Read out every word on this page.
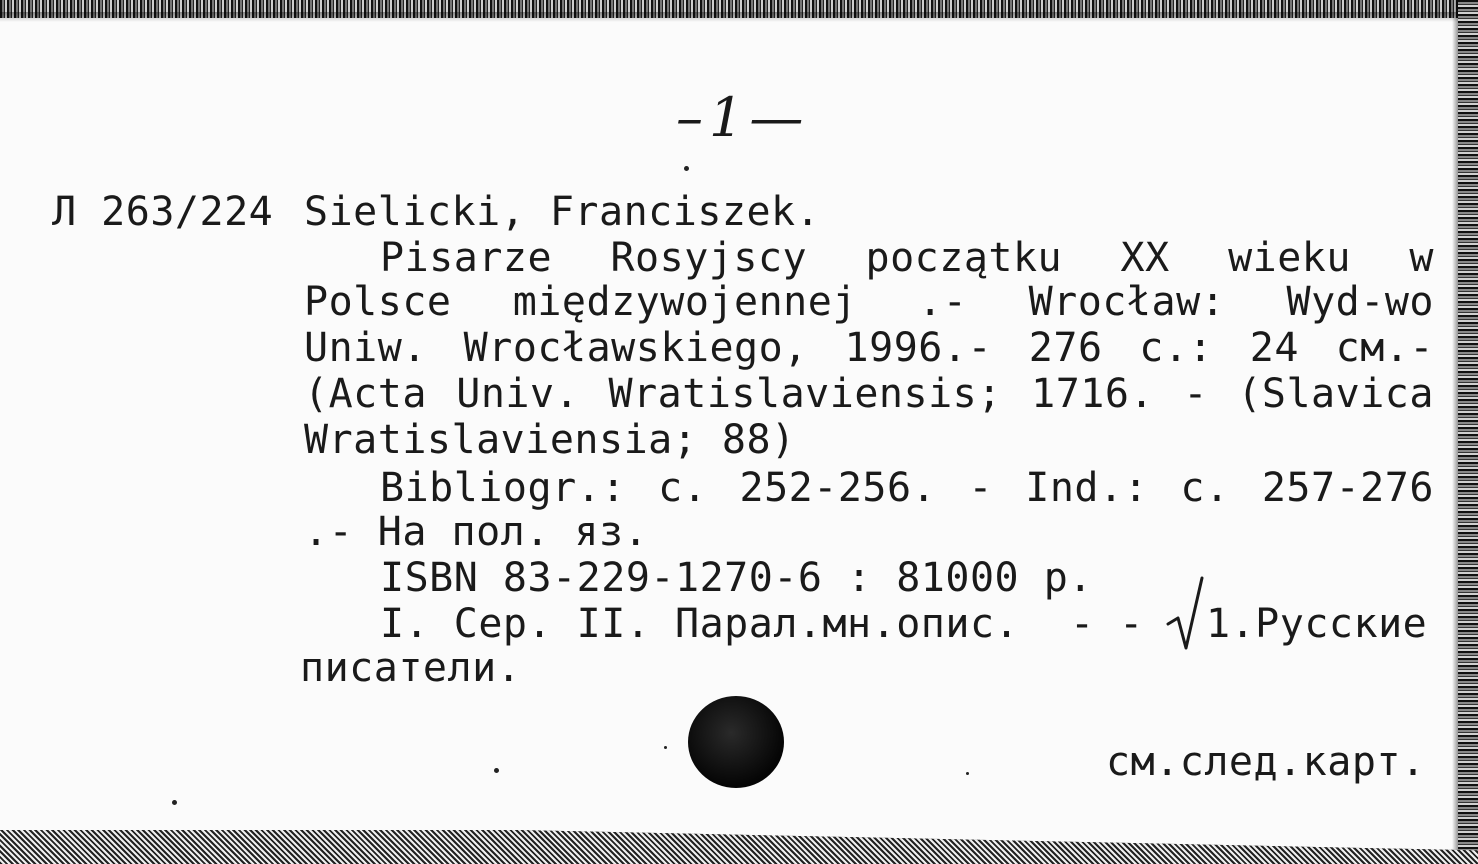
–1—
Л 263/224 Sielicki, Franciszek.
Pisarze Rosyjscy początku XX wieku w
Polsce międzywojennej .- Wrocław: Wyd-wo
Uniw. Wrocławskiego, 1996.- 276 с.: 24 см.-
(Acta Univ. Wratislaviensis; 1716. - (Slavica
Wratislaviensia; 88)
Bibliogr.: c. 252-256. - Ind.: c. 257-276
.- На пол. яз.
ISBN 83-229-1270-6 : 81000 р.
I. Сер. II. Парал.мн.опис. - - 1.Русские
писатели.
см.след.карт.
